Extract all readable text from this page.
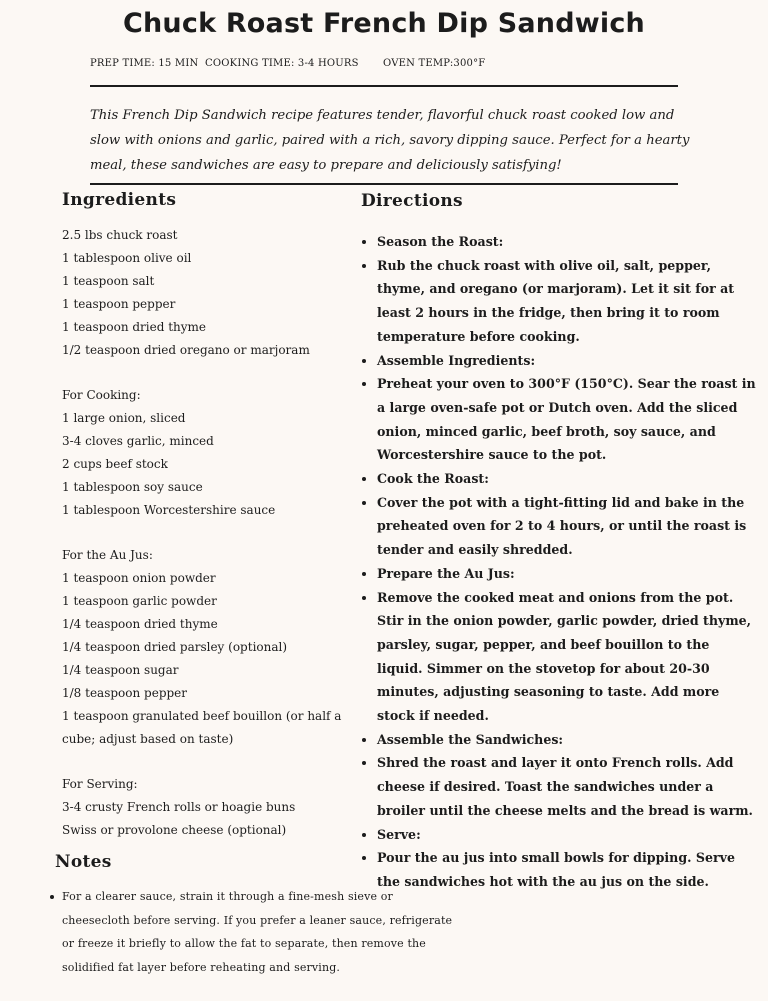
Chuck Roast French Dip Sandwich
PREP TIME: 15 MIN COOKING TIME: 3-4 HOURS OVEN TEMP:300°F

This French Dip Sandwich recipe features tender, flavorful chuck roast cooked low and slow with onions and garlic, paired with a rich, savory dipping sauce. Perfect for a hearty meal, these sandwiches are easy to prepare and deliciously satisfying!

Ingredients	Directions
2.5 lbs chuck roast
1 tablespoon olive oil
1 teaspoon salt
1 teaspoon pepper
1 teaspoon dried thyme
1/2 teaspoon dried oregano or marjoram
For Cooking:
1 large onion, sliced
3-4 cloves garlic, minced
2 cups beef stock
1 tablespoon soy sauce
1 tablespoon Worcestershire sauce
For the Au Jus:
1 teaspoon onion powder
1 teaspoon garlic powder
1/4 teaspoon dried thyme
1/4 teaspoon dried parsley (optional)
1/4 teaspoon sugar
1/8 teaspoon pepper
1 teaspoon granulated beef bouillon (or half a
cube; adjust based on taste)
For Serving:
3-4 crusty French rolls or hoagie buns
Swiss or provolone cheese (optional)
• Season the Roast:
• Rub the chuck roast with olive oil, salt, pepper, thyme, and oregano (or marjoram). Let it sit for at least 2 hours in the fridge, then bring it to room temperature before cooking.
• Assemble Ingredients:
• Preheat your oven to 300°F (150°C). Sear the roast in a large oven-safe pot or Dutch oven. Add the sliced onion, minced garlic, beef broth, soy sauce, and Worcestershire sauce to the pot.
• Cook the Roast:
• Cover the pot with a tight-fitting lid and bake in the preheated oven for 2 to 4 hours, or until the roast is tender and easily shredded.
• Prepare the Au Jus:
• Remove the cooked meat and onions from the pot. Stir in the onion powder, garlic powder, dried thyme, parsley, sugar, pepper, and beef bouillon to the liquid. Simmer on the stovetop for about 20-30 minutes, adjusting seasoning to taste. Add more stock if needed.
• Assemble the Sandwiches:
• Shred the roast and layer it onto French rolls. Add cheese if desired. Toast the sandwiches under a broiler until the cheese melts and the bread is warm.
• Serve:
• Pour the au jus into small bowls for dipping. Serve the sandwiches hot with the au jus on the side.
Notes
For a clearer sauce, strain it through a fine-mesh sieve or cheesecloth before serving. If you prefer a leaner sauce, refrigerate or freeze it briefly to allow the fat to separate, then remove the solidified fat layer before reheating and serving.
